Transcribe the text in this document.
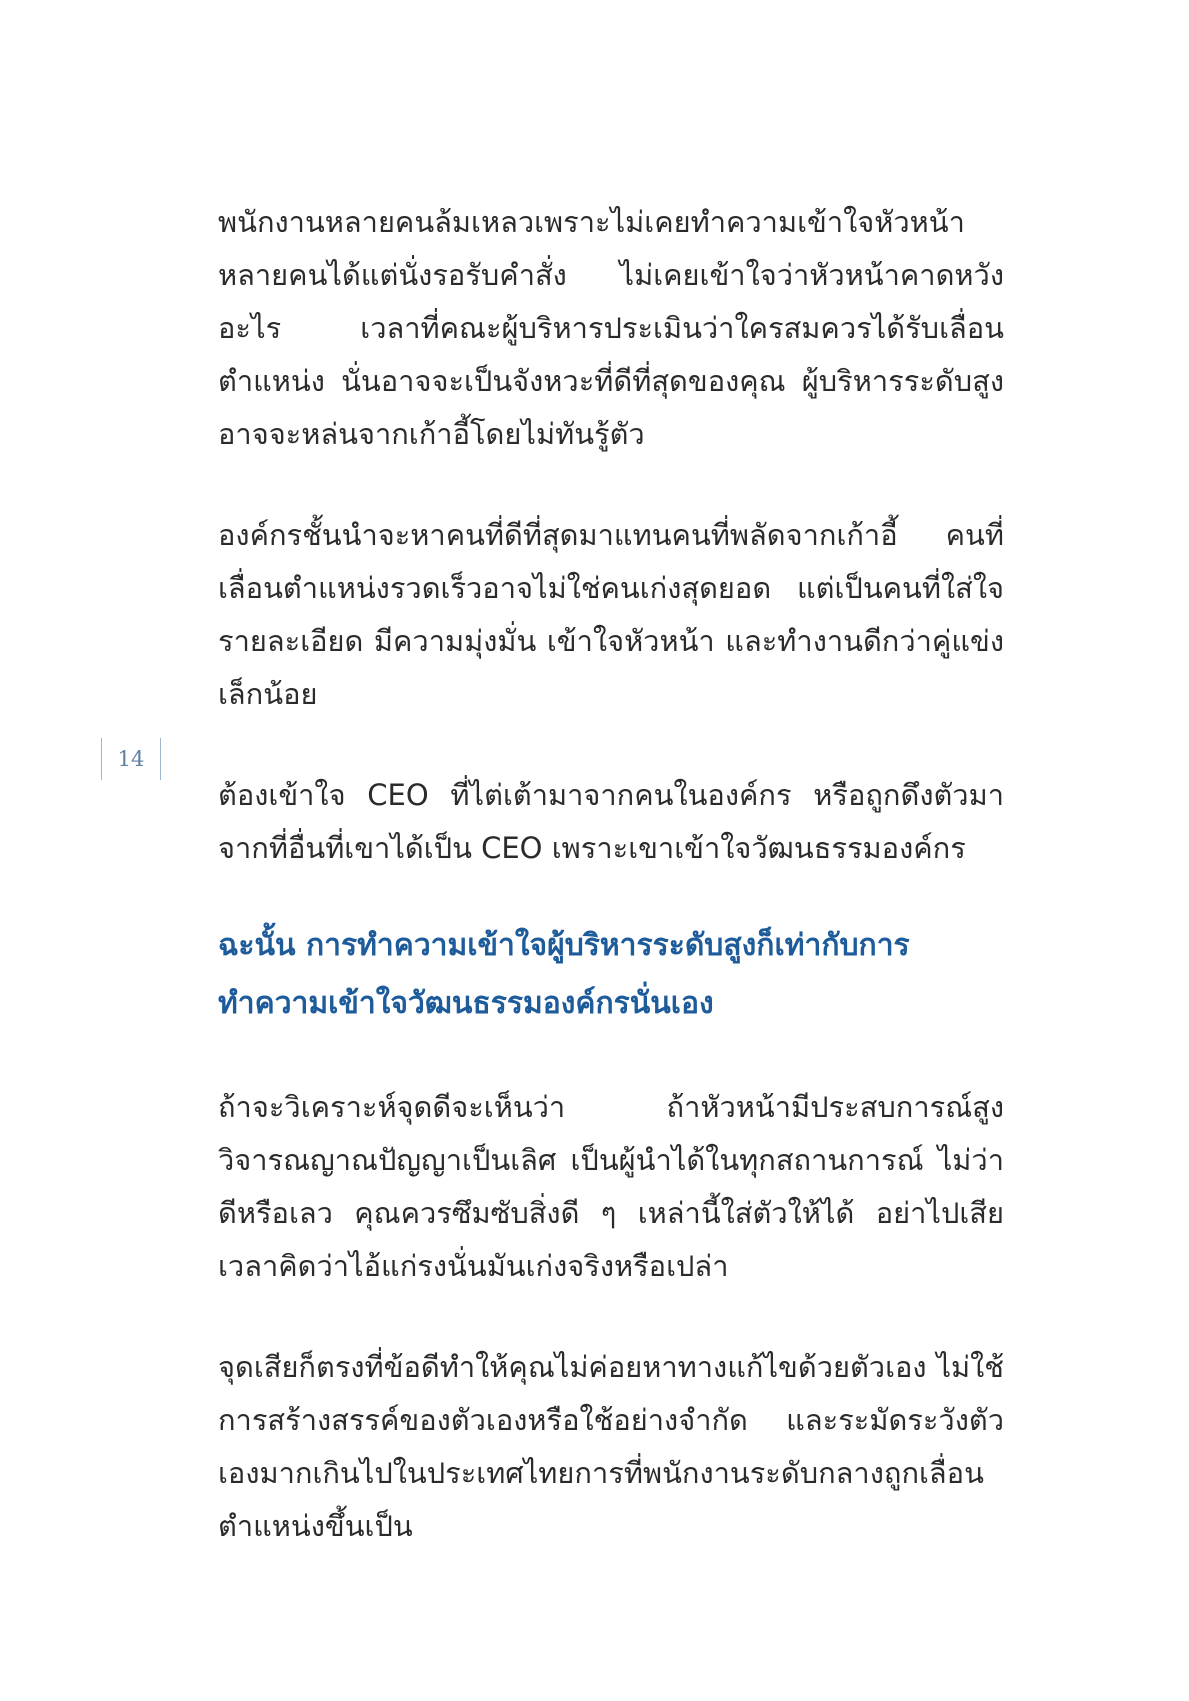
14

พนักงานหลายคนล้มเหลวเพราะไม่เคยทำความเข้าใจหัวหน้า หลายคนได้แต่นั่งรอรับคำสั่ง ไม่เคยเข้าใจว่าหัวหน้าคาดหวังอะไร เวลาที่คณะผู้บริหารประเมินว่าใครสมควรได้รับเลื่อนตำแหน่ง นั่นอาจจะเป็นจังหวะที่ดีที่สุดของคุณ ผู้บริหารระดับสูงอาจจะหล่นจากเก้าอี้โดยไม่ทันรู้ตัว

องค์กรชั้นนำจะหาคนที่ดีที่สุดมาแทนคนที่พลัดจากเก้าอี้ คนที่เลื่อนตำแหน่งรวดเร็วอาจไม่ใช่คนเก่งสุดยอด แต่เป็นคนที่ใส่ใจรายละเอียด มีความมุ่งมั่น เข้าใจหัวหน้า และทำงานดีกว่าคู่แข่งเล็กน้อย

ต้องเข้าใจ CEO ที่ไต่เต้ามาจากคนในองค์กร หรือถูกดึงตัวมาจากที่อื่นที่เขาได้เป็น CEO เพราะเขาเข้าใจวัฒนธรรมองค์กร

ฉะนั้น การทำความเข้าใจผู้บริหารระดับสูงก็เท่ากับการทำความเข้าใจวัฒนธรรมองค์กรนั่นเอง

ถ้าจะวิเคราะห์จุดดีจะเห็นว่า ถ้าหัวหน้ามีประสบการณ์สูง วิจารณญาณปัญญาเป็นเลิศ เป็นผู้นำได้ในทุกสถานการณ์ ไม่ว่าดีหรือเลว คุณควรซึมซับสิ่งดี ๆ เหล่านี้ใส่ตัวให้ได้ อย่าไปเสียเวลาคิดว่าไอ้แก่รงนั่นมันเก่งจริงหรือเปล่า

จุดเสียก็ตรงที่ข้อดีทำให้คุณไม่ค่อยหาทางแก้ไขด้วยตัวเอง ไม่ใช้การสร้างสรรค์ของตัวเองหรือใช้อย่างจำกัด และระมัดระวังตัวเองมากเกินไปในประเทศไทยการที่พนักงานระดับกลางถูกเลื่อนตำแหน่งขึ้นเป็น
